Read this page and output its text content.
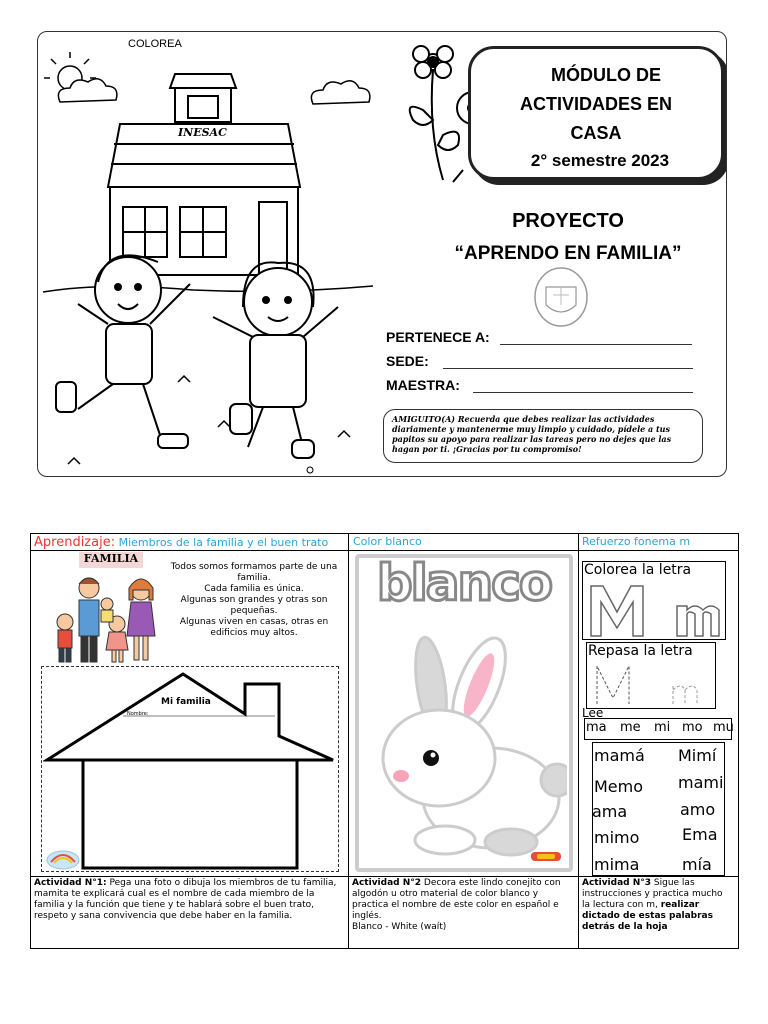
COLOREA
INESAC
MÓDULO DE
ACTIVIDADES EN
CASA
2° semestre 2023
PROYECTO
“APRENDO EN FAMILIA”
PERTENECE A:
SEDE:
MAESTRA:
AMIGUITO(A) Recuerda que debes realizar las actividades diariamente y mantenerme muy limpio y cuidado, pídele a tus papitos su apoyo para realizar las tareas pero no dejes que las hagan por ti. ¡Gracias por tu compromiso!
Aprendizaje: Miembros de la familia y el buen trato Color blanco	Refuerzo fonema m
FAMILIA
Todos somos formamos parte de una familia.
Cada familia es única.
Algunas son grandes y otras son pequeñas.
Algunas viven en casas, otras en edificios muy altos.
Mi familia
Nombre:
Actividad N°1: Pega una foto o dibuja los miembros de tu familia, mamita te explicará cual es el nombre de cada miembro de la familia y la función que tiene y te hablará sobre el buen trato, respeto y sana convivencia que debe haber en la familia.
blanco
Actividad N°2 Decora este lindo conejito con algodón u otro material de color blanco y practica el nombre de este color en español e inglés.
Blanco - White (waít)
Colorea la letra
Repasa la letra
Lee
ma me mi mo mu
mamá
Memo
ama
mimo
mima
Mimí
mami
amo
Ema
mía
Actividad N°3 Sigue las instrucciones y practica mucho la lectura con m, realizar dictado de estas palabras detrás de la hoja
